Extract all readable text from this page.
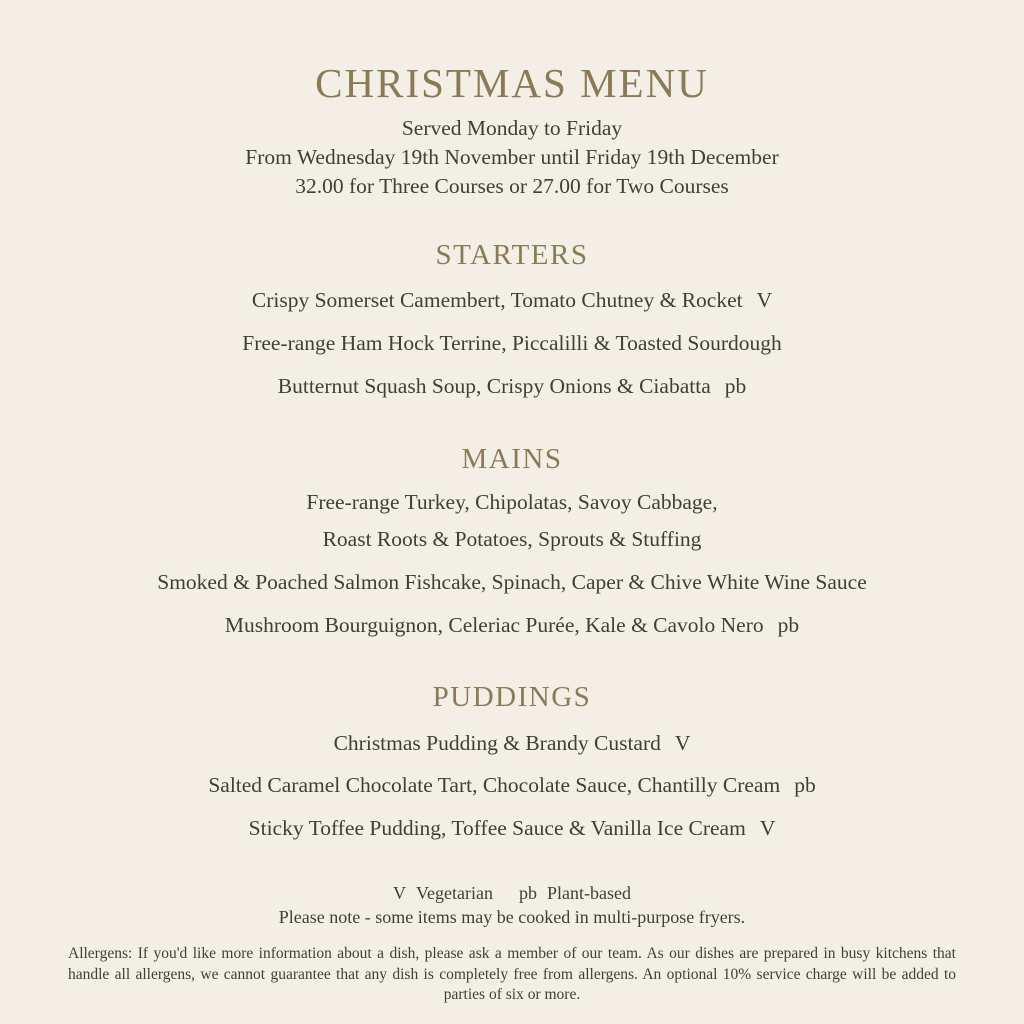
CHRISTMAS MENU
Served Monday to Friday
From Wednesday 19th November until Friday 19th December
32.00 for Three Courses or 27.00 for Two Courses
STARTERS
Crispy Somerset Camembert, Tomato Chutney & Rocket V
Free-range Ham Hock Terrine, Piccalilli & Toasted Sourdough
Butternut Squash Soup, Crispy Onions & Ciabatta pb
MAINS
Free-range Turkey, Chipolatas, Savoy Cabbage,
Roast Roots & Potatoes, Sprouts & Stuffing
Smoked & Poached Salmon Fishcake, Spinach, Caper & Chive White Wine Sauce
Mushroom Bourguignon, Celeriac Purée, Kale & Cavolo Nero pb
PUDDINGS
Christmas Pudding & Brandy Custard V
Salted Caramel Chocolate Tart, Chocolate Sauce, Chantilly Cream pb
Sticky Toffee Pudding, Toffee Sauce & Vanilla Ice Cream V
V Vegetarian pb Plant-based
Please note - some items may be cooked in multi-purpose fryers.
Allergens: If you'd like more information about a dish, please ask a member of our team. As our dishes are prepared in busy kitchens that handle all allergens, we cannot guarantee that any dish is completely free from allergens. An optional 10% service charge will be added to parties of six or more.
